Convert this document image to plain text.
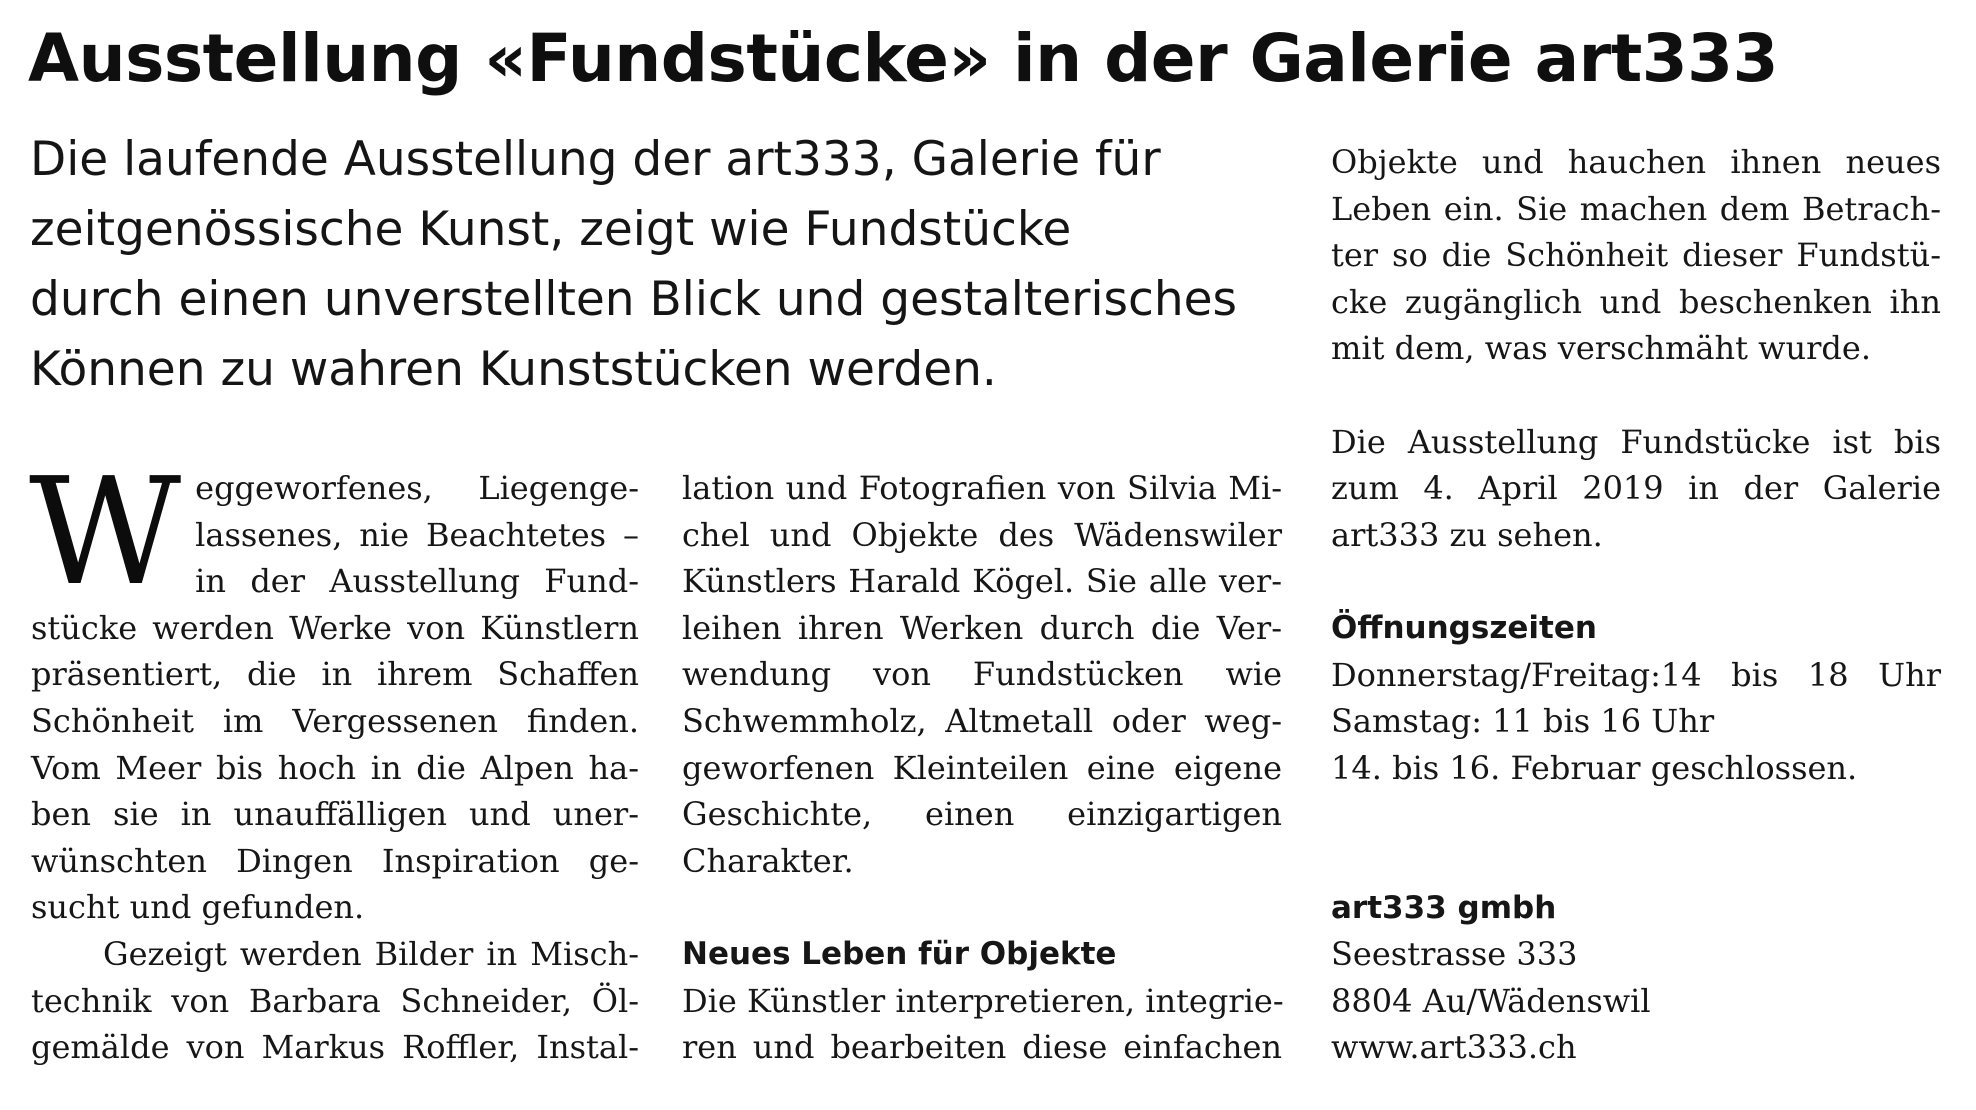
Ausstellung «Fundstücke» in der Galerie art333
Die laufende Ausstellung der art333, Galerie für
zeitgenössische Kunst, zeigt wie Fundstücke
durch einen unverstellten Blick und gestalterisches
Können zu wahren Kunststücken werden.

W eggeworfenes, Liegenge-
lassenes, nie Beachtetes –
in der Ausstellung Fund-
stücke werden Werke von Künstlern
präsentiert, die in ihrem Schaffen
Schönheit im Vergessenen finden.
Vom Meer bis hoch in die Alpen ha-
ben sie in unauffälligen und uner-
wünschten Dingen Inspiration ge-
sucht und gefunden.

Gezeigt werden Bilder in Misch-
technik von Barbara Schneider, Öl-
gemälde von Markus Roffler, Instal-

lation und Fotografien von Silvia Mi-
chel und Objekte des Wädenswiler
Künstlers Harald Kögel. Sie alle ver-
leihen ihren Werken durch die Ver-
wendung von Fundstücken wie
Schwemmholz, Altmetall oder weg-
geworfenen Kleinteilen eine eigene
Geschichte, einen einzigartigen
Charakter.

Neues Leben für Objekte

Die Künstler interpretieren, integrie-
ren und bearbeiten diese einfachen

Objekte und hauchen ihnen neues
Leben ein. Sie machen dem Betrach-
ter so die Schönheit dieser Fundstü-
cke zugänglich und beschenken ihn
mit dem, was verschmäht wurde.

Die Ausstellung Fundstücke ist bis
zum 4. April 2019 in der Galerie
art333 zu sehen.

Öffnungszeiten
Donnerstag/Freitag:14 bis 18 Uhr
Samstag: 11 bis 16 Uhr
14. bis 16. Februar geschlossen.
art333 gmbh
Seestrasse 333
8804 Au/Wädenswil
www.art333.ch
